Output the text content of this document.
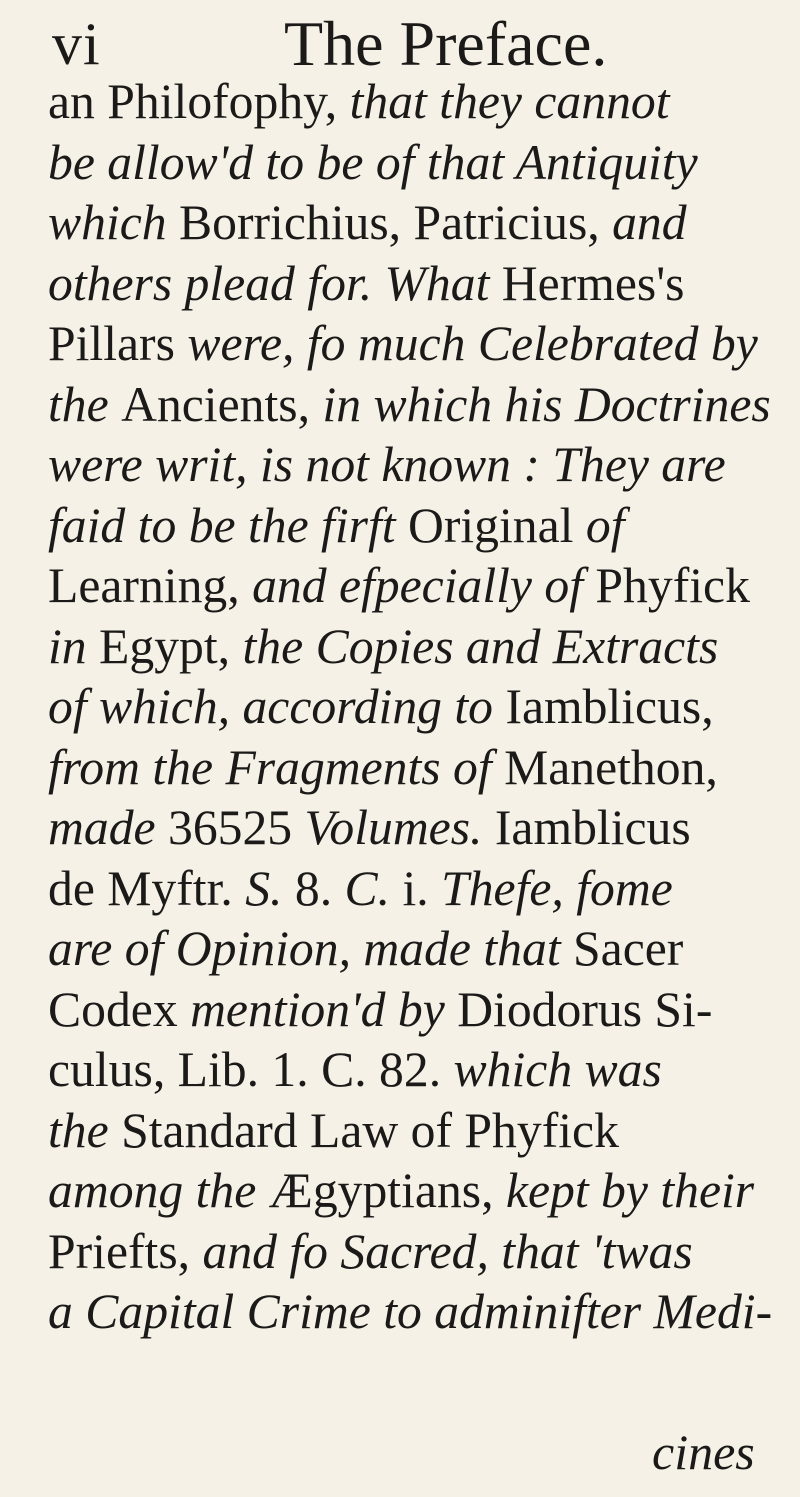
vi	The Preface.
an Philofophy, that they cannot
be allow'd to be of that Antiquity
which Borrichius, Patricius, and
others plead for. What Hermes's
Pillars were, fo much Celebrated by
the Ancients, in which his Doctrines
were writ, is not known : They are
faid to be the firft Original of
Learning, and efpecially of Phyfick
in Egypt, the Copies and Extracts
of which, according to Iamblicus,
from the Fragments of Manethon,
made 36525 Volumes. Iamblicus
de Myftr. S. 8. C. i. Thefe, fome
are of Opinion, made that Sacer
Codex mention'd by Diodorus Si-
culus, Lib. 1. C. 82. which was
the Standard Law of Phyfick
among the Ægyptians, kept by their
Priefts, and fo Sacred, that 'twas
a Capital Crime to adminifter Medi-
cines
